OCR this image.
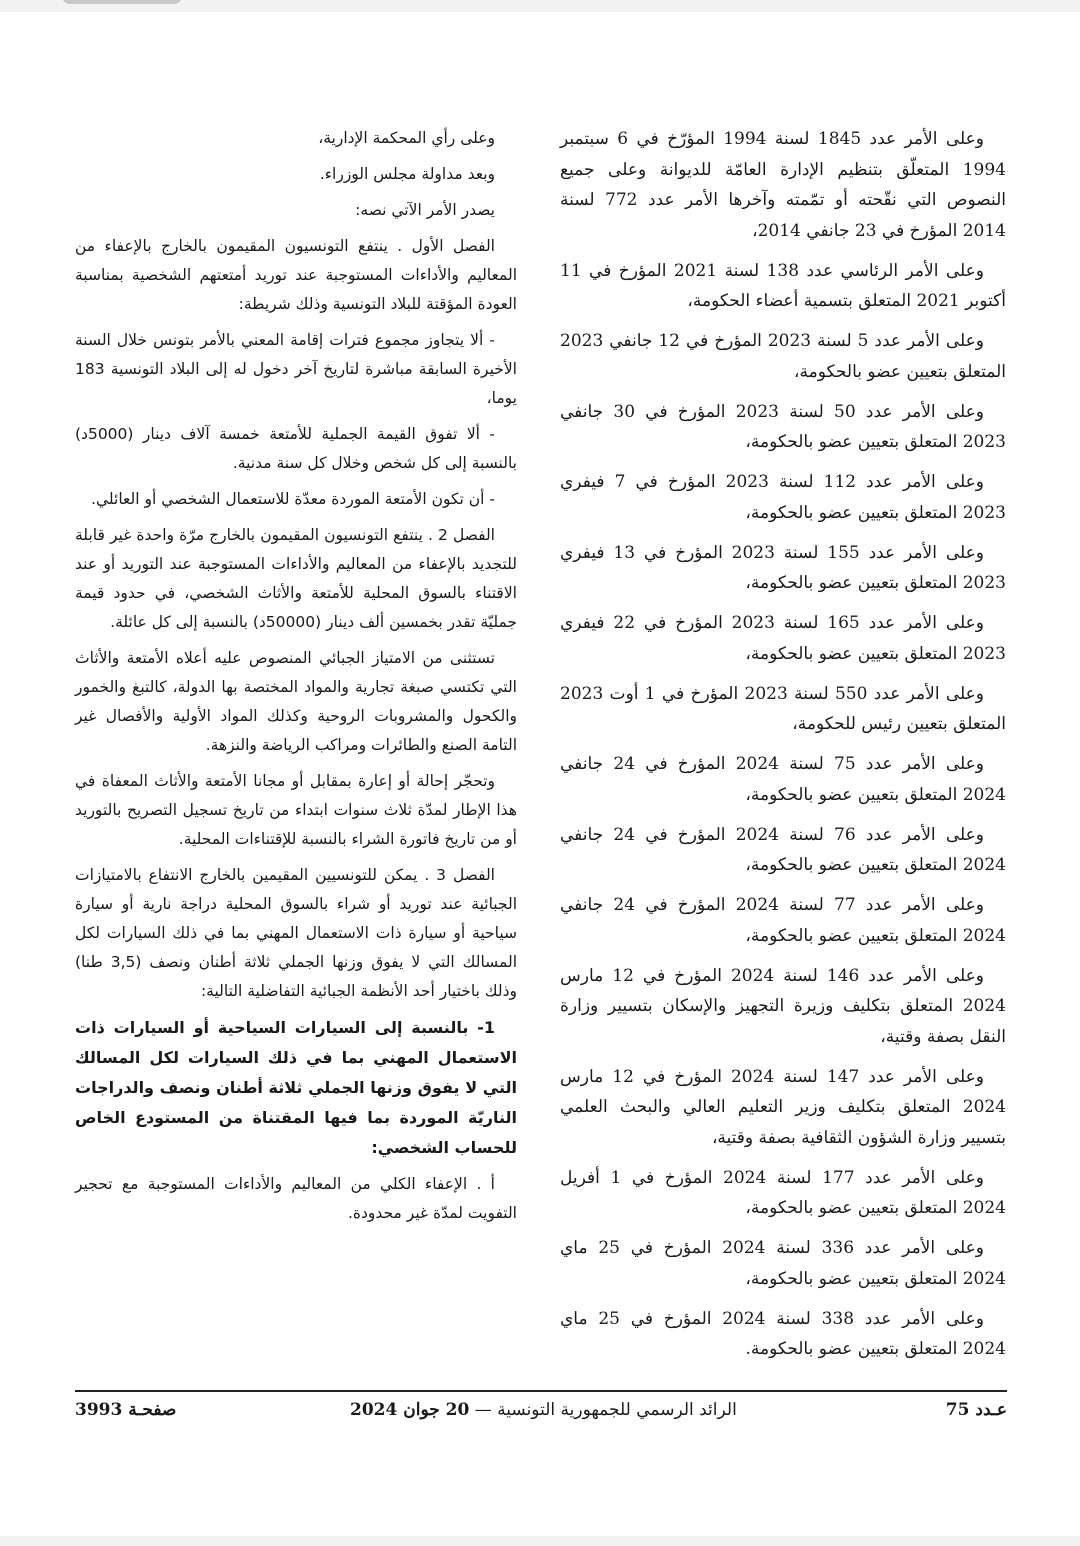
وعلى رأي المحكمة الإدارية،

وبعد مداولة مجلس الوزراء.

يصدر الأمر الآتي نصه:

الفصل الأول . ينتفع التونسيون المقيمون بالخارج بالإعفاء من المعاليم والأداءات المستوجبة عند توريد أمتعتهم الشخصية بمناسبة العودة المؤقتة للبلاد التونسية وذلك شريطة:

- ألا يتجاوز مجموع فترات إقامة المعني بالأمر بتونس خلال السنة الأخيرة السابقة مباشرة لتاريخ آخر دخول له إلى البلاد التونسية 183 يوما،

- ألا تفوق القيمة الجملية للأمتعة خمسة آلاف دينار (5000د) بالنسبة إلى كل شخص وخلال كل سنة مدنية.

- أن تكون الأمتعة الموردة معدّة للاستعمال الشخصي أو العائلي.

الفصل 2 . ينتفع التونسيون المقيمون بالخارج مرّة واحدة غير قابلة للتجديد بالإعفاء من المعاليم والأداءات المستوجبة عند التوريد أو عند الاقتناء بالسوق المحلية للأمتعة والأثاث الشخصي، في حدود قيمة جمليّة تقدر بخمسين ألف دينار (50000د) بالنسبة إلى كل عائلة.

تستثنى من الامتياز الجبائي المنصوص عليه أعلاه الأمتعة والأثاث التي تكتسي صبغة تجارية والمواد المختصة بها الدولة، كالتبغ والخمور والكحول والمشروبات الروحية وكذلك المواد الأولية والأفصال غير التامة الصنع والطائرات ومراكب الرياضة والنزهة.

وتحجّر إحالة أو إعارة بمقابل أو مجانا الأمتعة والأثاث المعفاة في هذا الإطار لمدّة ثلاث سنوات ابتداء من تاريخ تسجيل التصريح بالتوريد أو من تاريخ فاتورة الشراء بالنسبة للإقتناءات المحلية.

الفصل 3 . يمكن للتونسيين المقيمين بالخارج الانتفاع بالامتيازات الجبائية عند توريد أو شراء بالسوق المحلية دراجة نارية أو سيارة سياحية أو سيارة ذات الاستعمال المهني بما في ذلك السيارات لكل المسالك التي لا يفوق وزنها الجملي ثلاثة أطنان ونصف (3,5 طنا) وذلك باختيار أحد الأنظمة الجبائية التفاضلية التالية:

1- بالنسبة إلى السيارات السياحية أو السيارات ذات الاستعمال المهني بما في ذلك السيارات لكل المسالك التي لا يفوق وزنها الجملي ثلاثة أطنان ونصف والدراجات الناريّة الموردة بما فيها المقتناة من المستودع الخاص للحساب الشخصي:

أ . الإعفاء الكلي من المعاليم والأداءات المستوجبة مع تحجير التفويت لمدّة غير محدودة.

وعلى الأمر عدد 1845 لسنة 1994 المؤرّخ في 6 سبتمبر 1994 المتعلّق بتنظيم الإدارة العامّة للديوانة وعلى جميع النصوص التي نقّحته أو تمّمته وآخرها الأمر عدد 772 لسنة 2014 المؤرخ في 23 جانفي 2014،

وعلى الأمر الرئاسي عدد 138 لسنة 2021 المؤرخ في 11 أكتوبر 2021 المتعلق بتسمية أعضاء الحكومة،

وعلى الأمر عدد 5 لسنة 2023 المؤرخ في 12 جانفي 2023 المتعلق بتعيين عضو بالحكومة،

وعلى الأمر عدد 50 لسنة 2023 المؤرخ في 30 جانفي 2023 المتعلق بتعيين عضو بالحكومة،

وعلى الأمر عدد 112 لسنة 2023 المؤرخ في 7 فيفري 2023 المتعلق بتعيين عضو بالحكومة،

وعلى الأمر عدد 155 لسنة 2023 المؤرخ في 13 فيفري 2023 المتعلق بتعيين عضو بالحكومة،

وعلى الأمر عدد 165 لسنة 2023 المؤرخ في 22 فيفري 2023 المتعلق بتعيين عضو بالحكومة،

وعلى الأمر عدد 550 لسنة 2023 المؤرخ في 1 أوت 2023 المتعلق بتعيين رئيس للحكومة،

وعلى الأمر عدد 75 لسنة 2024 المؤرخ في 24 جانفي 2024 المتعلق بتعيين عضو بالحكومة،

وعلى الأمر عدد 76 لسنة 2024 المؤرخ في 24 جانفي 2024 المتعلق بتعيين عضو بالحكومة،

وعلى الأمر عدد 77 لسنة 2024 المؤرخ في 24 جانفي 2024 المتعلق بتعيين عضو بالحكومة،

وعلى الأمر عدد 146 لسنة 2024 المؤرخ في 12 مارس 2024 المتعلق بتكليف وزيرة التجهيز والإسكان بتسيير وزارة النقل بصفة وقتية،

وعلى الأمر عدد 147 لسنة 2024 المؤرخ في 12 مارس 2024 المتعلق بتكليف وزير التعليم العالي والبحث العلمي بتسيير وزارة الشؤون الثقافية بصفة وقتية،

وعلى الأمر عدد 177 لسنة 2024 المؤرخ في 1 أفريل 2024 المتعلق بتعيين عضو بالحكومة،

وعلى الأمر عدد 336 لسنة 2024 المؤرخ في 25 ماي 2024 المتعلق بتعيين عضو بالحكومة،

وعلى الأمر عدد 338 لسنة 2024 المؤرخ في 25 ماي 2024 المتعلق بتعيين عضو بالحكومة.

عـدد 75
الرائد الرسمي للجمهورية التونسية — 20 جوان 2024
صفحـة 3993
